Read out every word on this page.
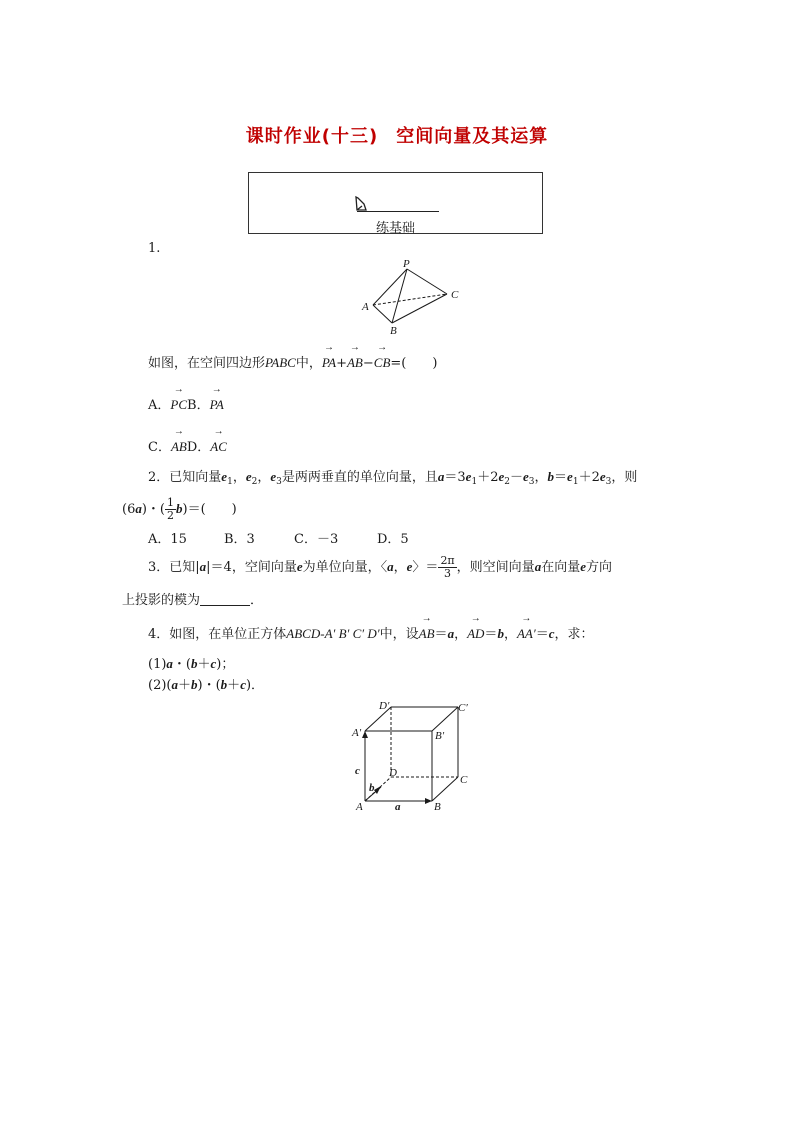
课时作业(十三) 空间向量及其运算
练基础
1.
P
A
B
C
如图，在空间四边形PABC中，→ PA+→ AB−→ CB=(　　)
A．→ PCB．→ PA
C．→ ABD．→ AC
2．已知向量$e_1$，$e_2$，$e_3$是两两垂直的单位向量，且$a=3e_1+2e_2-e_3$，$b=e_1+2e_3$，则
(6a)・( $\frac{1}{2} b)=$(　　)
A．15	B．3	C．－3	D．5
3．已知|a|＝4，空间向量e为单位向量，〈a，e〉＝ $\frac{2\pi}{3}$ ，则空间向量a在向量e方向
上投影的模为	．
4．如图，在单位正方体ABCD-A′ B′ C′ D′中，设→ AB＝a，→ AD＝b，→ AA′＝c，求：
(1)a・(b＋c)；
(2)(a＋b)・(b＋c)．
D′	C′
A′	B′
D
C
A	B
a
b
c
